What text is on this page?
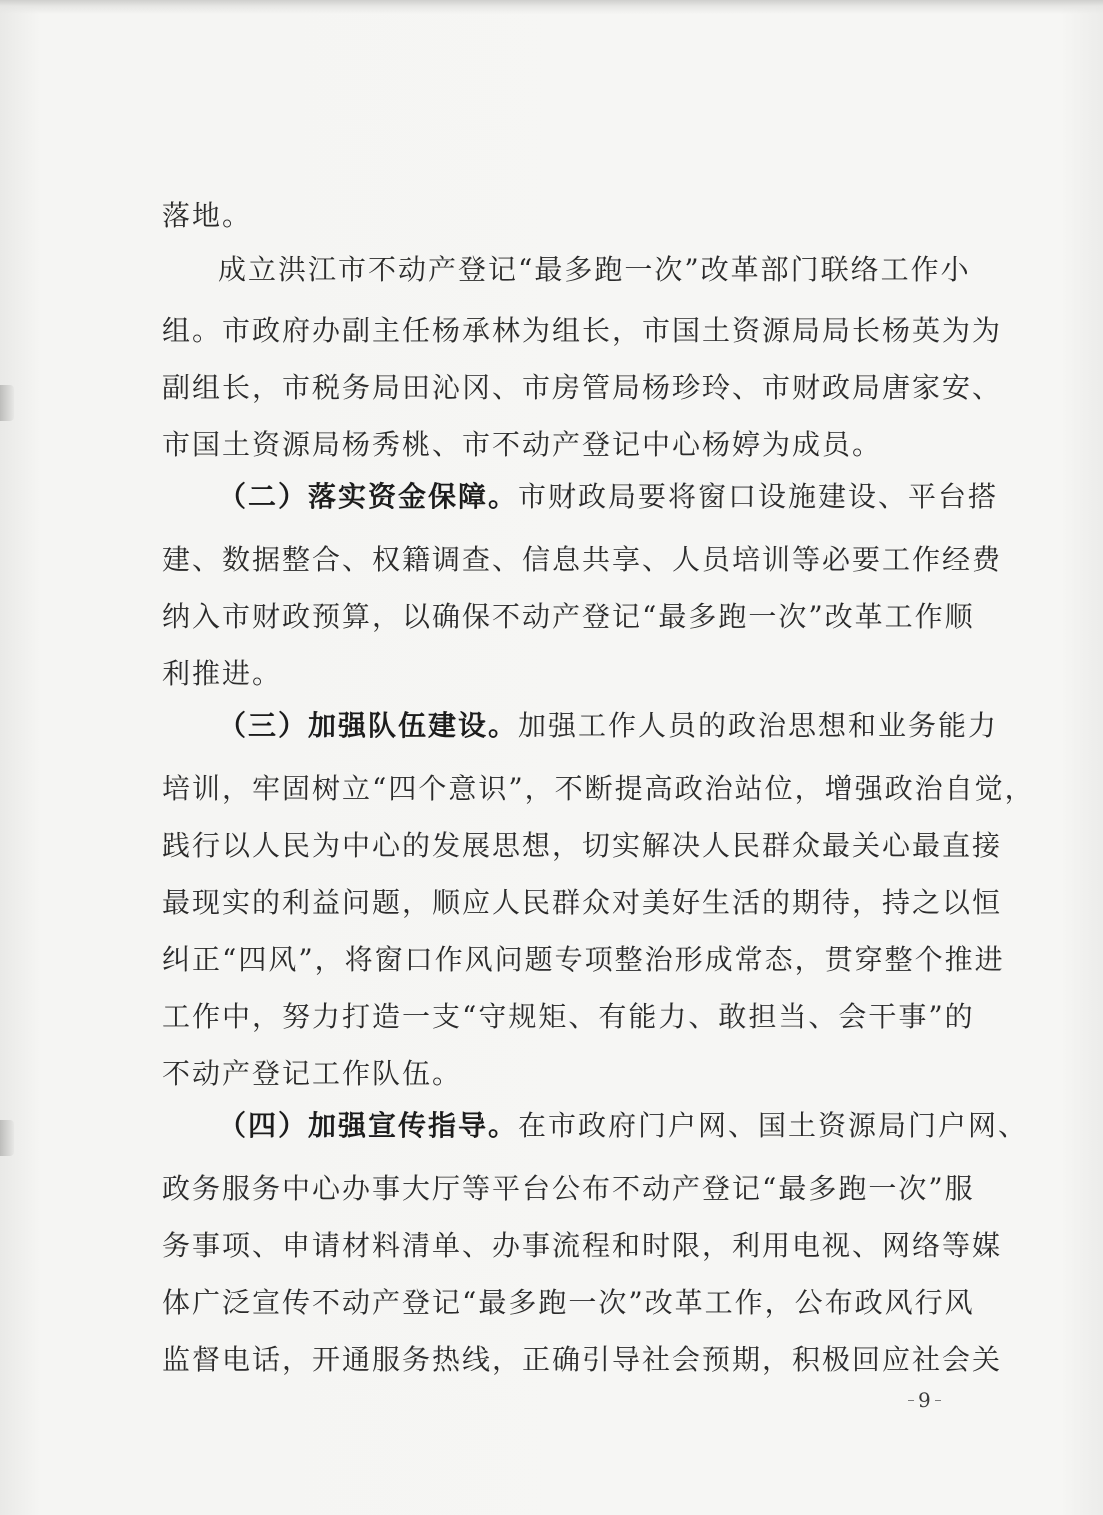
落地。

成立洪江市不动产登记“最多跑一次”改革部门联络工作小

组。市政府办副主任杨承林为组长，市国土资源局局长杨英为为

副组长，市税务局田沁冈、市房管局杨珍玲、市财政局唐家安、

市国土资源局杨秀桃、市不动产登记中心杨婷为成员。

（二）落实资金保障。市财政局要将窗口设施建设、平台搭

建、数据整合、权籍调查、信息共享、人员培训等必要工作经费

纳入市财政预算，以确保不动产登记“最多跑一次”改革工作顺

利推进。

（三）加强队伍建设。加强工作人员的政治思想和业务能力

培训，牢固树立“四个意识”，不断提高政治站位，增强政治自觉，

践行以人民为中心的发展思想，切实解决人民群众最关心最直接

最现实的利益问题，顺应人民群众对美好生活的期待，持之以恒

纠正“四风”，将窗口作风问题专项整治形成常态，贯穿整个推进

工作中，努力打造一支“守规矩、有能力、敢担当、会干事”的

不动产登记工作队伍。

（四）加强宣传指导。在市政府门户网、国土资源局门户网、

政务服务中心办事大厅等平台公布不动产登记“最多跑一次”服

务事项、申请材料清单、办事流程和时限，利用电视、网络等媒

体广泛宣传不动产登记“最多跑一次”改革工作，公布政风行风

监督电话，开通服务热线，正确引导社会预期，积极回应社会关

9
